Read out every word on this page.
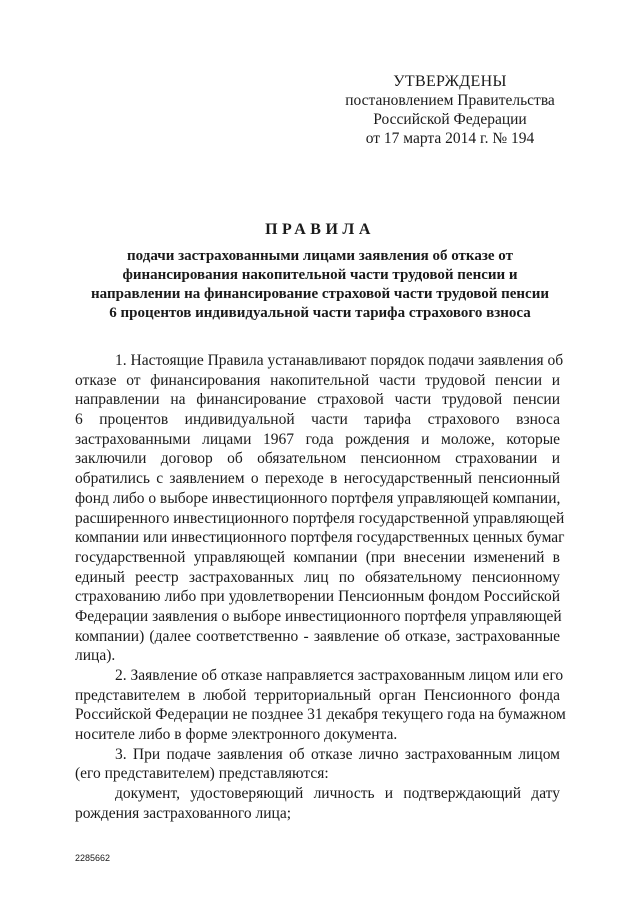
УТВЕРЖДЕНЫ
постановлением Правительства
Российской Федерации
от 17 марта 2014 г. № 194
ПРАВИЛА
подачи застрахованными лицами заявления об отказе от
финансирования накопительной части трудовой пенсии и
направлении на финансирование страховой части трудовой пенсии
6 процентов индивидуальной части тарифа страхового взноса
1. Настоящие Правила устанавливают порядок подачи заявления об
отказе от финансирования накопительной части трудовой пенсии и
направлении на финансирование страховой части трудовой пенсии
6 процентов индивидуальной части тарифа страхового взноса
застрахованными лицами 1967 года рождения и моложе, которые
заключили договор об обязательном пенсионном страховании и
обратились с заявлением о переходе в негосударственный пенсионный
фонд либо о выборе инвестиционного портфеля управляющей компании,
расширенного инвестиционного портфеля государственной управляющей
компании или инвестиционного портфеля государственных ценных бумаг
государственной управляющей компании (при внесении изменений в
единый реестр застрахованных лиц по обязательному пенсионному
страхованию либо при удовлетворении Пенсионным фондом Российской
Федерации заявления о выборе инвестиционного портфеля управляющей
компании) (далее соответственно - заявление об отказе, застрахованные
лица).
2. Заявление об отказе направляется застрахованным лицом или его
представителем в любой территориальный орган Пенсионного фонда
Российской Федерации не позднее 31 декабря текущего года на бумажном
носителе либо в форме электронного документа.
3. При подаче заявления об отказе лично застрахованным лицом
(его представителем) представляются:
документ, удостоверяющий личность и подтверждающий дату
рождения застрахованного лица;
2285662
